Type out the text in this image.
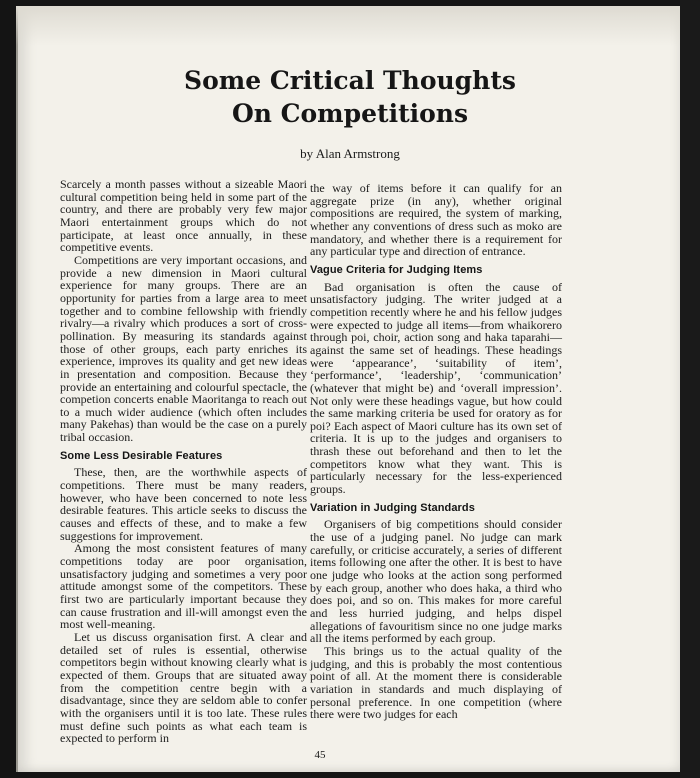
Some Critical Thoughts
On Competitions
by Alan Armstrong

Scarcely a month passes without a sizeable Maori cultural competition being held in some part of the country, and there are probably very few major Maori entertainment groups which do not participate, at least once annually, in these competitive events.

Competitions are very important occasions, and provide a new dimension in Maori cultural experience for many groups. There are an opportunity for parties from a large area to meet together and to combine fellowship with friendly rivalry—a rivalry which produces a sort of cross-pollination. By measuring its standards against those of other groups, each party enriches its experience, improves its quality and get new ideas in presentation and composition. Because they provide an entertaining and colourful spectacle, the competion concerts enable Maoritanga to reach out to a much wider audience (which often includes many Pakehas) than would be the case on a purely tribal occasion.

Some Less Desirable Features

These, then, are the worthwhile aspects of competitions. There must be many readers, however, who have been concerned to note less desirable features. This article seeks to discuss the causes and effects of these, and to make a few suggestions for improvement.

Among the most consistent features of many competitions today are poor organisation, unsatisfactory judging and sometimes a very poor attitude amongst some of the competitors. These first two are particularly important because they can cause frustration and ill-will amongst even the most well-meaning.

Let us discuss organisation first. A clear and detailed set of rules is essential, otherwise competitors begin without knowing clearly what is expected of them. Groups that are situated away from the competition centre begin with a disadvantage, since they are seldom able to confer with the organisers until it is too late. These rules must define such points as what each team is expected to perform in

the way of items before it can qualify for an aggregate prize (in any), whether original compositions are required, the system of marking, whether any conventions of dress such as moko are mandatory, and whether there is a requirement for any particular type and direction of entrance.

Vague Criteria for Judging Items

Bad organisation is often the cause of unsatisfactory judging. The writer judged at a competition recently where he and his fellow judges were expected to judge all items—from whaikorero through poi, choir, action song and haka taparahi—against the same set of headings. These headings were ‘appearance’, ‘suitability of item’, ‘performance’, ‘leadership’, ‘communication’ (whatever that might be) and ‘overall impression’. Not only were these headings vague, but how could the same marking criteria be used for oratory as for poi? Each aspect of Maori culture has its own set of criteria. It is up to the judges and organisers to thrash these out beforehand and then to let the competitors know what they want. This is particularly necessary for the less-experienced groups.

Variation in Judging Standards

Organisers of big competitions should consider the use of a judging panel. No judge can mark carefully, or criticise accurately, a series of different items following one after the other. It is best to have one judge who looks at the action song performed by each group, another who does haka, a third who does poi, and so on. This makes for more careful and less hurried judging, and helps dispel allegations of favouritism since no one judge marks all the items performed by each group.

This brings us to the actual quality of the judging, and this is probably the most contentious point of all. At the moment there is considerable variation in standards and much displaying of personal preference. In one competition (where there were two judges for each

45
